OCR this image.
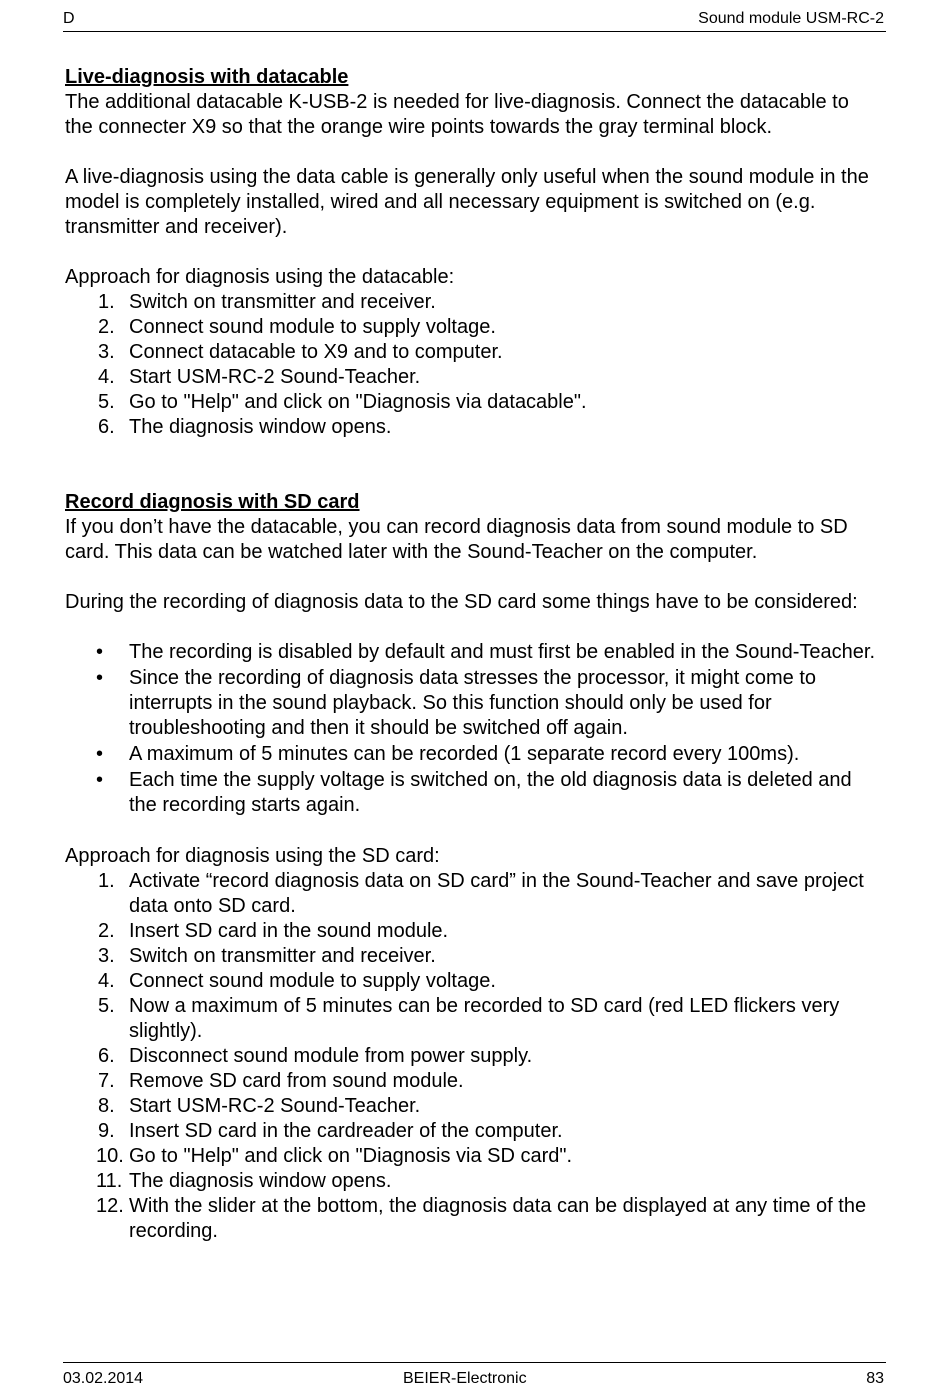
D	Sound module USM-RC-2
Live-diagnosis with datacable

The additional datacable K-USB-2 is needed for live-diagnosis. Connect the datacable to the connecter X9 so that the orange wire points towards the gray terminal block.

A live-diagnosis using the data cable is generally only useful when the sound module in the model is completely installed, wired and all necessary equipment is switched on (e.g. transmitter and receiver).

Approach for diagnosis using the datacable:

1. Switch on transmitter and receiver.
2. Connect sound module to supply voltage.
3. Connect datacable to X9 and to computer.
4. Start USM-RC-2 Sound-Teacher.
5. Go to "Help" and click on "Diagnosis via datacable".
6. The diagnosis window opens.
Record diagnosis with SD card

If you don’t have the datacable, you can record diagnosis data from sound module to SD card. This data can be watched later with the Sound-Teacher on the computer.

During the recording of diagnosis data to the SD card some things have to be considered:

• The recording is disabled by default and must first be enabled in the Sound-Teacher.
• Since the recording of diagnosis data stresses the processor, it might come to interrupts in the sound playback. So this function should only be used for troubleshooting and then it should be switched off again.
• A maximum of 5 minutes can be recorded (1 separate record every 100ms).
• Each time the supply voltage is switched on, the old diagnosis data is deleted and the recording starts again.

Approach for diagnosis using the SD card:

1. Activate “record diagnosis data on SD card” in the Sound-Teacher and save project data onto SD card.
2. Insert SD card in the sound module.
3. Switch on transmitter and receiver.
4. Connect sound module to supply voltage.
5. Now a maximum of 5 minutes can be recorded to SD card (red LED flickers very slightly).
6. Disconnect sound module from power supply.
7. Remove SD card from sound module.
8. Start USM-RC-2 Sound-Teacher.
9. Insert SD card in the cardreader of the computer.
10. Go to "Help" and click on "Diagnosis via SD card".
11. The diagnosis window opens.
12. With the slider at the bottom, the diagnosis data can be displayed at any time of the recording.
03.02.2014	BEIER-Electronic	83
